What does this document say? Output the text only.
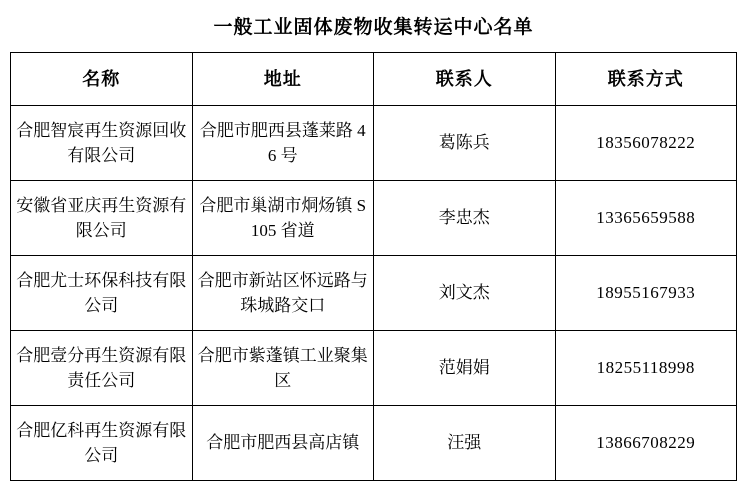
一般工业固体废物收集转运中心名单
名称	地址	联系人	联系方式
合肥智宸再生资源回收有限公司	合肥市肥西县蓬莱路 46 号	葛陈兵	18356078222
安徽省亚庆再生资源有限公司	合肥市巢湖市烔炀镇 S105 省道	李忠杰	13365659588
合肥尤士环保科技有限公司	合肥市新站区怀远路与珠城路交口	刘文杰	18955167933
合肥壹分再生资源有限责任公司	合肥市紫蓬镇工业聚集区	范娟娟	18255118998
合肥亿科再生资源有限公司	合肥市肥西县高店镇	汪强	13866708229
